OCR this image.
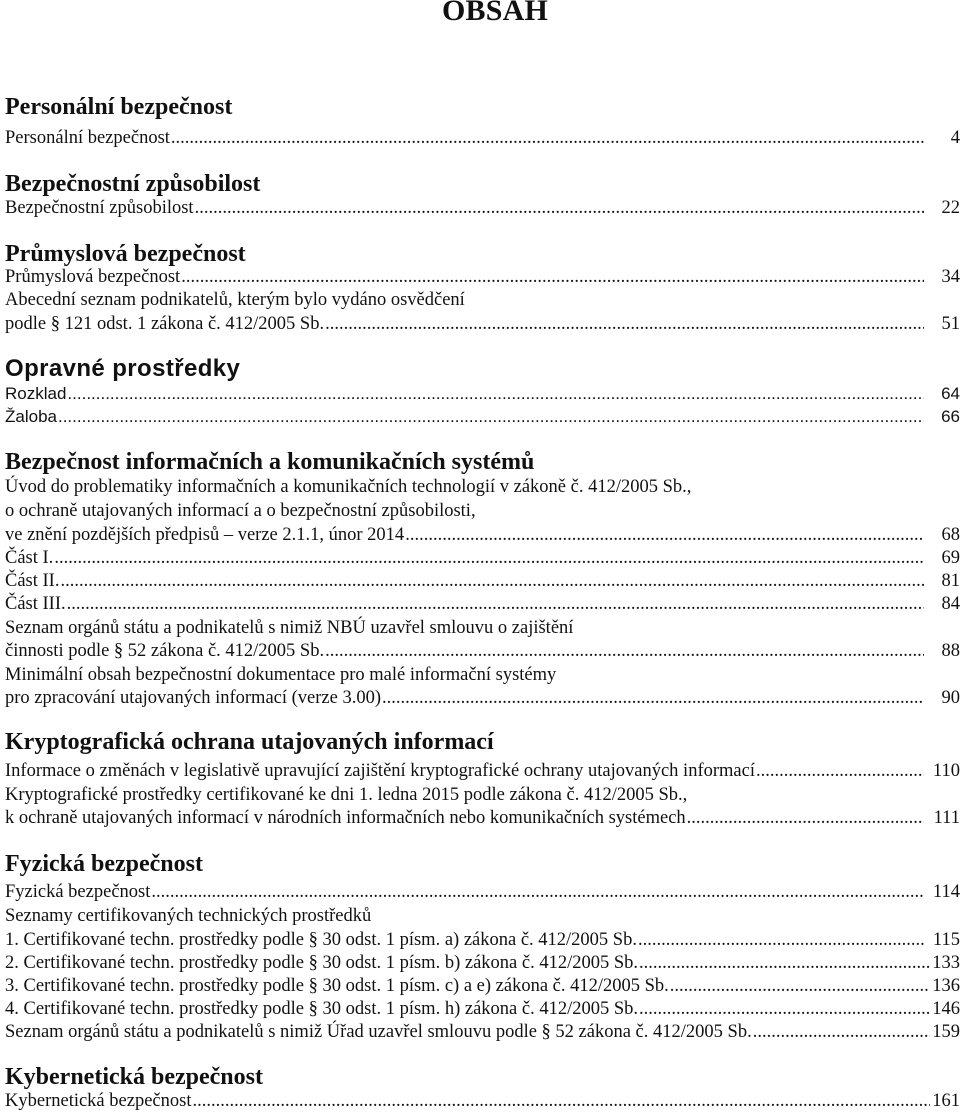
OBSAH
Personální bezpečnost
Personální bezpečnost .....	4
Bezpečnostní způsobilost
Bezpečnostní způsobilost .....	22
Průmyslová bezpečnost
Průmyslová bezpečnost .....	34
Abecední seznam podnikatelů, kterým bylo vydáno osvědčení
podle § 121 odst. 1 zákona č. 412/2005 Sb. .....	51
Opravné prostředky
Rozklad .....	64
Žaloba .....	66
Bezpečnost informačních a komunikačních systémů
Úvod do problematiky informačních a komunikačních technologií v zákoně č. 412/2005 Sb.,
o ochraně utajovaných informací a o bezpečnostní způsobilosti,
ve znění pozdějších předpisů – verze 2.1.1, únor 2014 .....	68
Část I. .....	69
Část II. .....	81
Část III. .....	84
Seznam orgánů státu a podnikatelů s nimiž NBÚ uzavřel smlouvu o zajištění
činnosti podle § 52 zákona č. 412/2005 Sb. .....	88
Minimální obsah bezpečnostní dokumentace pro malé informační systémy
pro zpracování utajovaných informací (verze 3.00) .....	90
Kryptografická ochrana utajovaných informací
Informace o změnách v legislativě upravující zajištění kryptografické ochrany utajovaných informací .....	110
Kryptografické prostředky certifikované ke dni 1. ledna 2015 podle zákona č. 412/2005 Sb.,
k ochraně utajovaných informací v národních informačních nebo komunikačních systémech .....	111
Fyzická bezpečnost
Fyzická bezpečnost .....	114
Seznamy certifikovaných technických prostředků
1. Certifikované techn. prostředky podle § 30 odst. 1 písm. a) zákona č. 412/2005 Sb. .....	115
2. Certifikované techn. prostředky podle § 30 odst. 1 písm. b) zákona č. 412/2005 Sb. .....	133
3. Certifikované techn. prostředky podle § 30 odst. 1 písm. c) a e) zákona č. 412/2005 Sb. .....	136
4. Certifikované techn. prostředky podle § 30 odst. 1 písm. h) zákona č. 412/2005 Sb. .....	146
Seznam orgánů státu a podnikatelů s nimiž Úřad uzavřel smlouvu podle § 52 zákona č. 412/2005 Sb. .....	159
Kybernetická bezpečnost
Kybernetická bezpečnost .....	161
